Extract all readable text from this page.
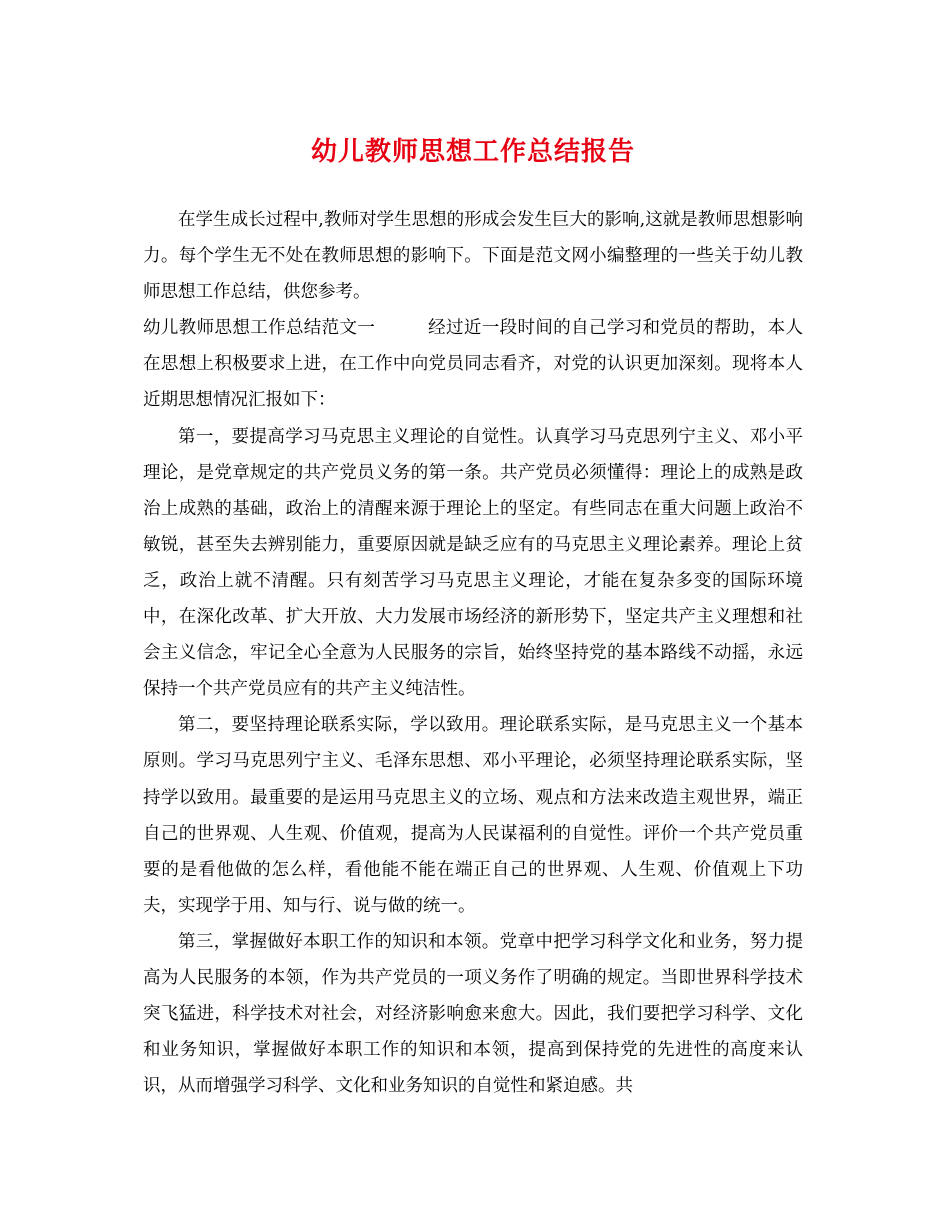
幼儿教师思想工作总结报告

在学生成长过程中,教师对学生思想的形成会发生巨大的影响,这就是教师思想影响力。每个学生无不处在教师思想的影响下。下面是范文网小编整理的一些关于幼儿教师思想工作总结，供您参考。

幼儿教师思想工作总结范文一	经过近一段时间的自己学习和党员的帮助，本人在思想上积极要求上进，在工作中向党员同志看齐，对党的认识更加深刻。现将本人近期思想情况汇报如下：

第一，要提高学习马克思主义理论的自觉性。认真学习马克思列宁主义、邓小平理论，是党章规定的共产党员义务的第一条。共产党员必须懂得：理论上的成熟是政治上成熟的基础，政治上的清醒来源于理论上的坚定。有些同志在重大问题上政治不敏锐，甚至失去辨别能力，重要原因就是缺乏应有的马克思主义理论素养。理论上贫乏，政治上就不清醒。只有刻苦学习马克思主义理论，才能在复杂多变的国际环境中，在深化改革、扩大开放、大力发展市场经济的新形势下，坚定共产主义理想和社会主义信念，牢记全心全意为人民服务的宗旨，始终坚持党的基本路线不动摇，永远保持一个共产党员应有的共产主义纯洁性。

第二，要坚持理论联系实际，学以致用。理论联系实际，是马克思主义一个基本原则。学习马克思列宁主义、毛泽东思想、邓小平理论，必须坚持理论联系实际，坚持学以致用。最重要的是运用马克思主义的立场、观点和方法来改造主观世界，端正自己的世界观、人生观、价值观，提高为人民谋福利的自觉性。评价一个共产党员重要的是看他做的怎么样，看他能不能在端正自己的世界观、人生观、价值观上下功夫，实现学于用、知与行、说与做的统一。

第三，掌握做好本职工作的知识和本领。党章中把学习科学文化和业务，努力提高为人民服务的本领，作为共产党员的一项义务作了明确的规定。当即世界科学技术突飞猛进，科学技术对社会，对经济影响愈来愈大。因此，我们要把学习科学、文化和业务知识，掌握做好本职工作的知识和本领，提高到保持党的先进性的高度来认识，从而增强学习科学、文化和业务知识的自觉性和紧迫感。共
